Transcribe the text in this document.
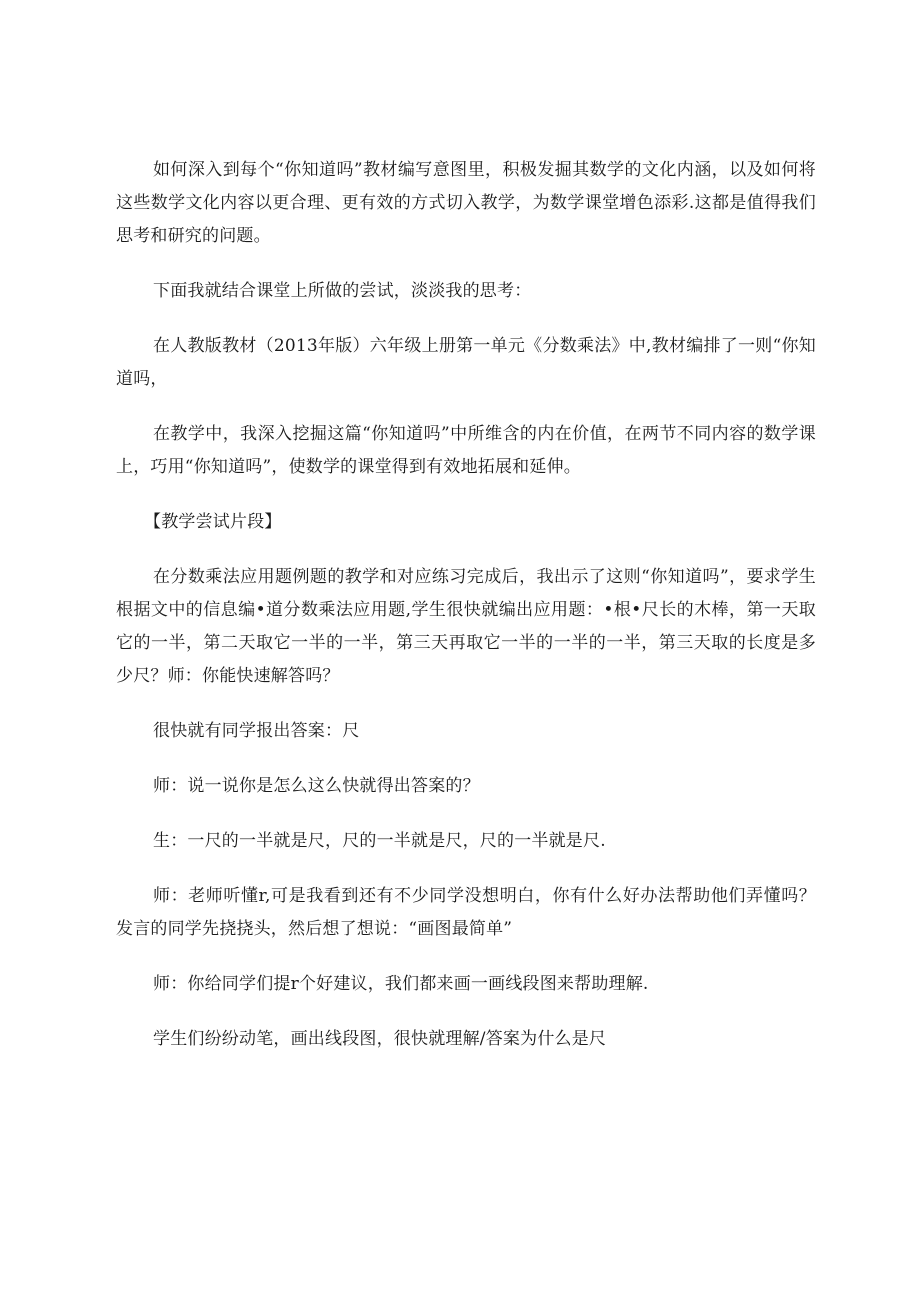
如何深入到每个“你知道吗”教材编写意图里，积极发掘其数学的文化内涵，以及如何将这些数学文化内容以更合理、更有效的方式切入教学，为数学课堂增色添彩.这都是值得我们思考和研究的问题。

下面我就结合课堂上所做的尝试，淡淡我的思考：

在人教版教材（2013年版）六年级上册第一单元《分数乘法》中,教材编排了一则“你知道吗，

在教学中，我深入挖掘这篇“你知道吗”中所维含的内在价值，在两节不同内容的数学课上，巧用“你知道吗”，使数学的课堂得到有效地拓展和延伸。

【教学尝试片段】

在分数乘法应用题例题的教学和对应练习完成后，我出示了这则“你知道吗”，要求学生根据文中的信息编•道分数乘法应用题,学生很快就编出应用题：•根•尺长的木棒，第一天取它的一半，第二天取它一半的一半，第三天再取它一半的一半的一半，第三天取的长度是多少尺？师：你能快速解答吗？

很快就有同学报出答案：尺

师：说一说你是怎么这么快就得出答案的？

生：一尺的一半就是尺，尺的一半就是尺，尺的一半就是尺.

师：老师听懂r,可是我看到还有不少同学没想明白，你有什么好办法帮助他们弄懂吗？发言的同学先挠挠头，然后想了想说：“画图最简单”

师：你给同学们提r个好建议，我们都来画一画线段图来帮助理解.

学生们纷纷动笔，画出线段图，很快就理解/答案为什么是尺
